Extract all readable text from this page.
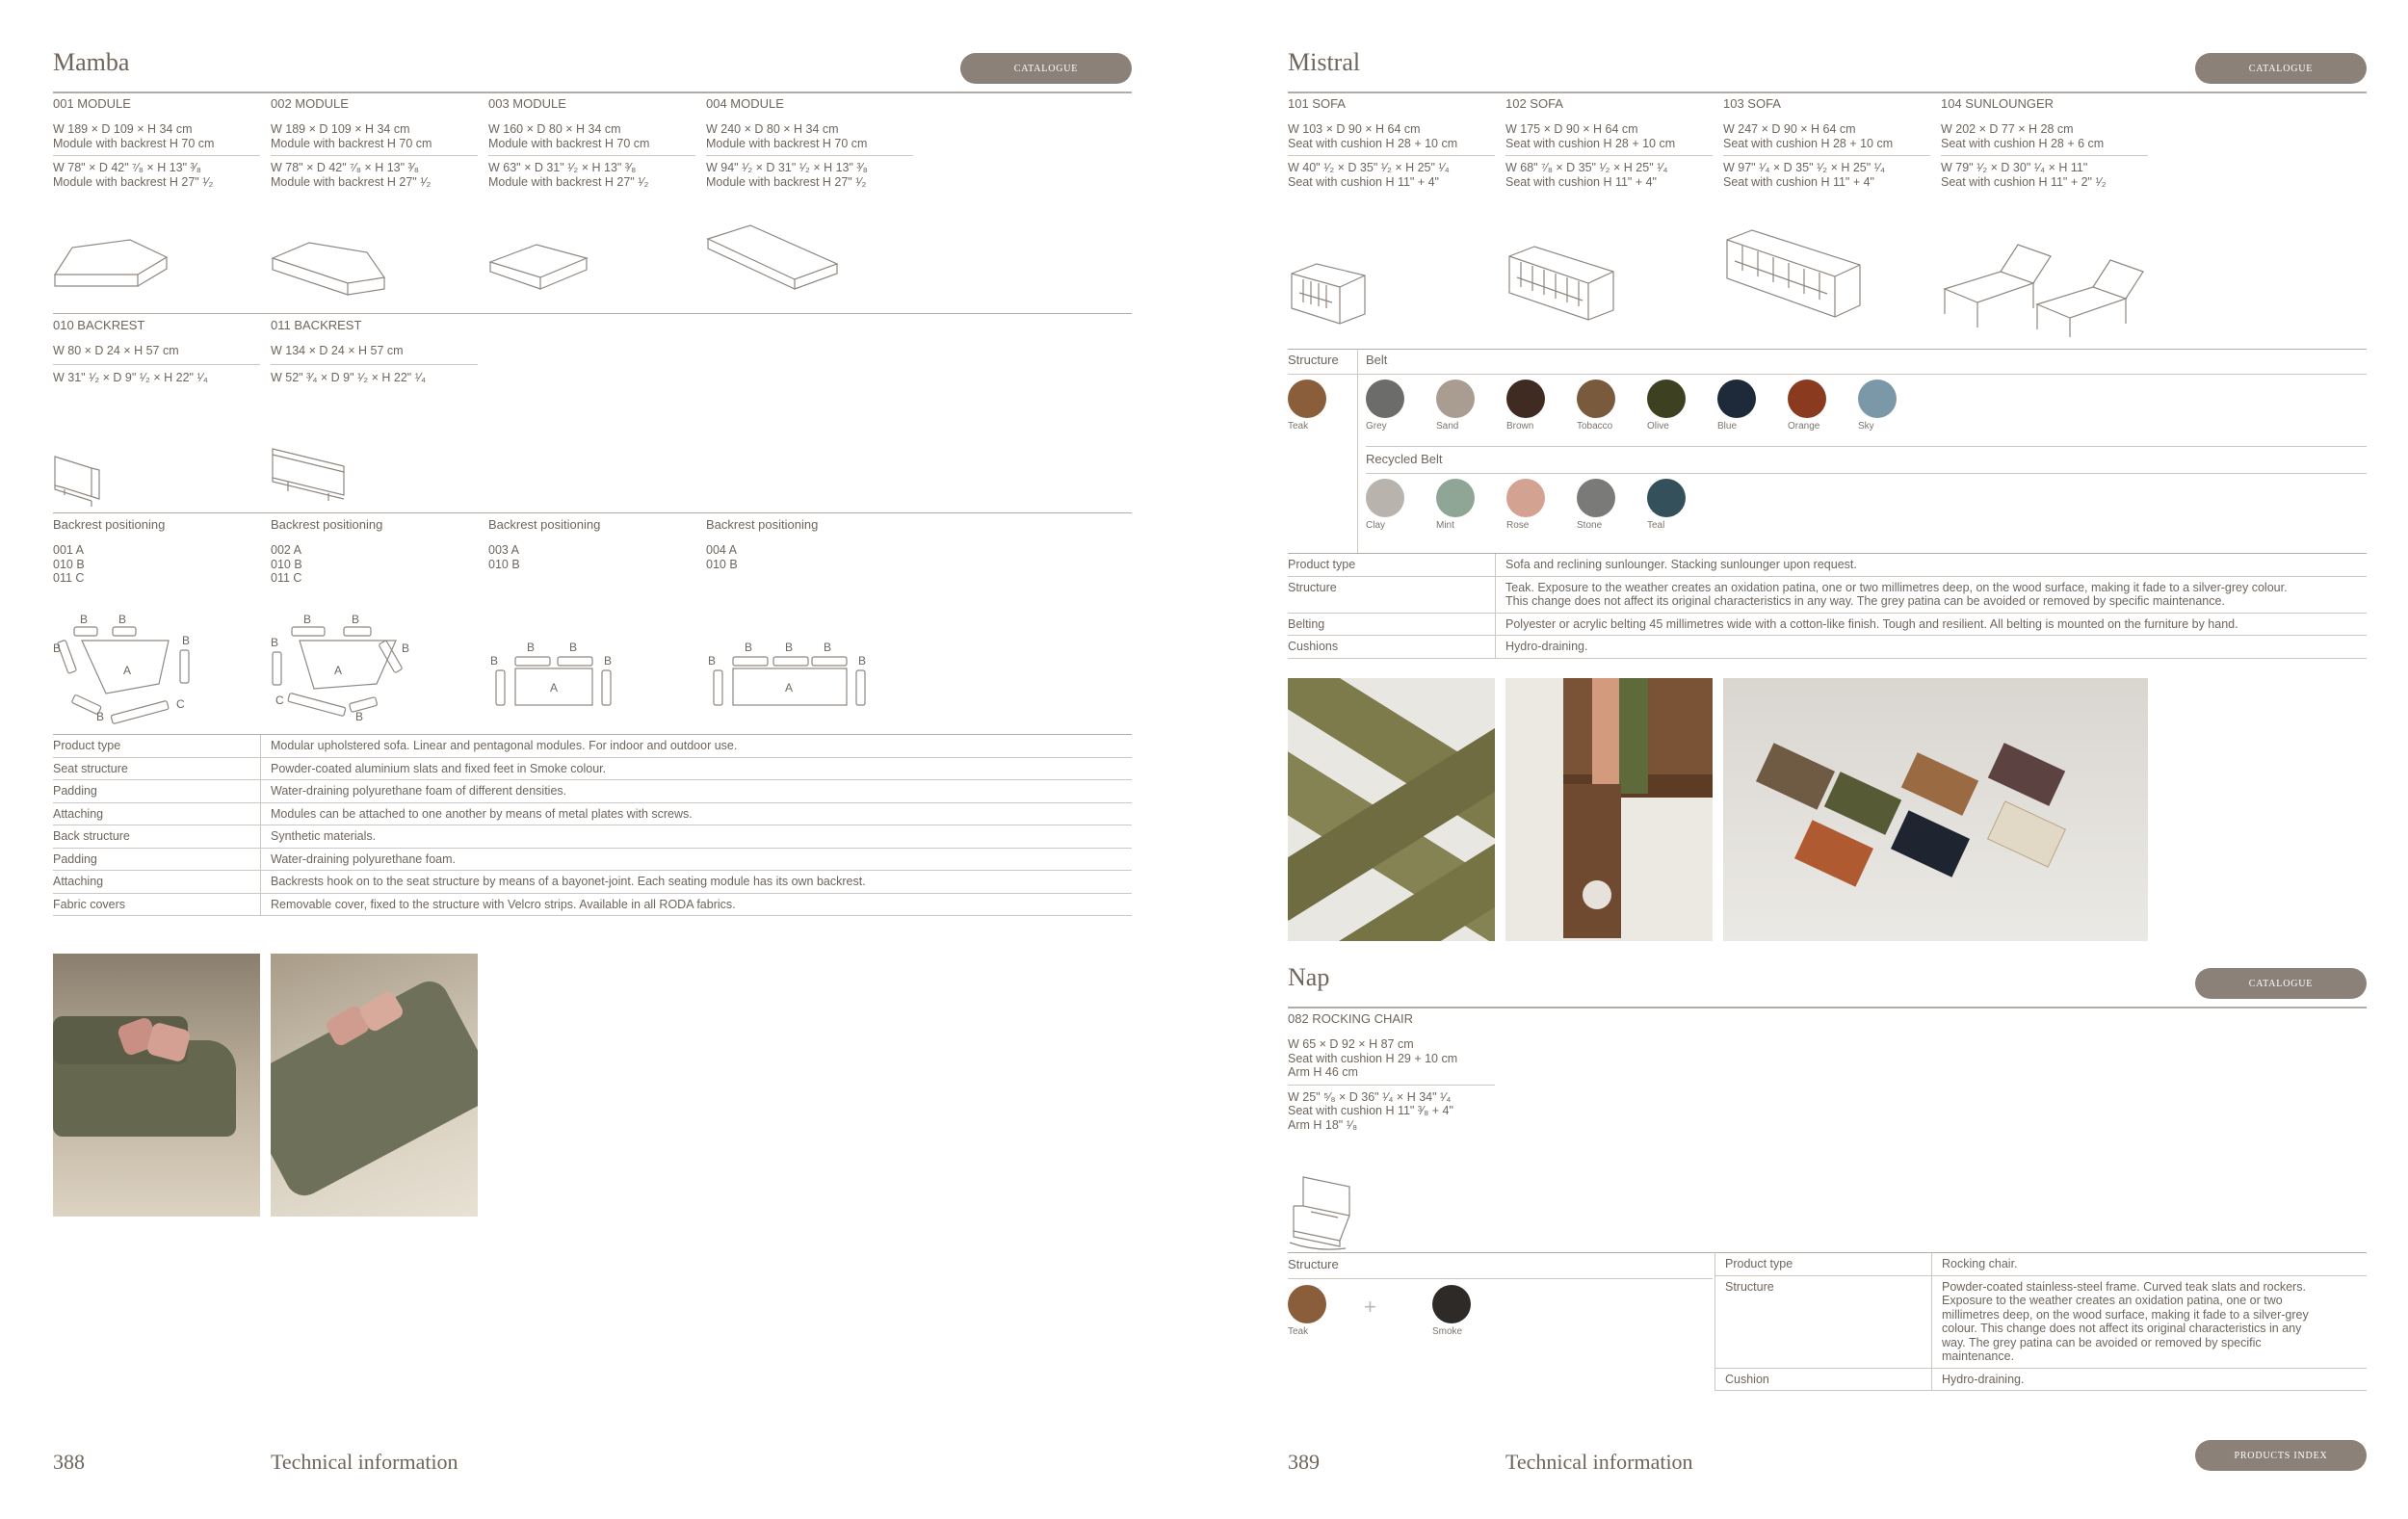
Mamba	CATALOGUE
001 MODULE
W 189 × D 109 × H 34 cm
Module with backrest H 70 cm
W 78" × D 42" ⁷⁄₈ × H 13" ³⁄₈
Module with backrest H 27" ¹⁄₂
002 MODULE
W 189 × D 109 × H 34 cm
Module with backrest H 70 cm
W 78" × D 42" ⁷⁄₈ × H 13" ³⁄₈
Module with backrest H 27" ¹⁄₂
003 MODULE
W 160 × D 80 × H 34 cm
Module with backrest H 70 cm
W 63" × D 31" ¹⁄₂ × H 13" ³⁄₈
Module with backrest H 27" ¹⁄₂
004 MODULE
W 240 × D 80 × H 34 cm
Module with backrest H 70 cm
W 94" ¹⁄₂ × D 31" ¹⁄₂ × H 13" ³⁄₈
Module with backrest H 27" ¹⁄₂
010 BACKREST
W 80 × D 24 × H 57 cm
W 31" ¹⁄₂ × D 9" ¹⁄₂ × H 22" ¹⁄₄
011 BACKREST
W 134 × D 24 × H 57 cm
W 52" ³⁄₄ × D 9" ¹⁄₂ × H 22" ¹⁄₄
Backrest positioning
001 A
010 B
011 C
Backrest positioning
002 A
010 B
011 C
Backrest positioning
003 A
010 B
Backrest positioning
004 A
010 B
A
B	B
B
B
B
C
A
B	B
B	B
C
B
A
B	B
B	B
A
B	B	B
B	B
Product type	Modular upholstered sofa. Linear and pentagonal modules. For indoor and outdoor use.
Seat structure	Powder-coated aluminium slats and fixed feet in Smoke colour.
Padding	Water-draining polyurethane foam of different densities.
Attaching	Modules can be attached to one another by means of metal plates with screws.
Back structure	Synthetic materials.
Padding	Water-draining polyurethane foam.
Attaching	Backrests hook on to the seat structure by means of a bayonet-joint. Each seating module has its own backrest.
Fabric covers	Removable cover, fixed to the structure with Velcro strips. Available in all RODA fabrics.
388	Technical information
Mistral	CATALOGUE
101 SOFA
W 103 × D 90 × H 64 cm
Seat with cushion H 28 + 10 cm
W 40" ¹⁄₂ × D 35" ¹⁄₂ × H 25" ¹⁄₄
Seat with cushion H 11" + 4"
102 SOFA
W 175 × D 90 × H 64 cm
Seat with cushion H 28 + 10 cm
W 68" ⁷⁄₈ × D 35" ¹⁄₂ × H 25" ¹⁄₄
Seat with cushion H 11" + 4"
103 SOFA
W 247 × D 90 × H 64 cm
Seat with cushion H 28 + 10 cm
W 97" ¹⁄₄ × D 35" ¹⁄₂ × H 25" ¹⁄₄
Seat with cushion H 11" + 4"
104 SUNLOUNGER
W 202 × D 77 × H 28 cm
Seat with cushion H 28 + 6 cm
W 79" ¹⁄₂ × D 30" ¹⁄₄ × H 11"
Seat with cushion H 11" + 2" ¹⁄₂
Structure Belt
Teak
Recycled Belt
Product type	Sofa and reclining sunlounger. Stacking sunlounger upon request.
Structure	Teak. Exposure to the weather creates an oxidation patina, one or two millimetres deep, on the wood surface, making it fade to a silver-grey colour.
This change does not affect its original characteristics in any way. The grey patina can be avoided or removed by specific maintenance.
Belting	Polyester or acrylic belting 45 millimetres wide with a cotton-like finish. Tough and resilient. All belting is mounted on the furniture by hand.
Cushions	Hydro-draining.
Nap	CATALOGUE
082 ROCKING CHAIR
W 65 × D 92 × H 87 cm
Seat with cushion H 29 + 10 cm
Arm H 46 cm
W 25" ⁵⁄₈ × D 36" ¹⁄₄ × H 34" ¹⁄₄
Seat with cushion H 11" ³⁄₈ + 4"
Arm H 18" ¹⁄₈
Structure
Teak
+
Smoke
Product type	Rocking chair.
Structure	Powder-coated stainless-steel frame. Curved teak slats and rockers.
Exposure to the weather creates an oxidation patina, one or two
millimetres deep, on the wood surface, making it fade to a silver-grey
colour. This change does not affect its original characteristics in any
way. The grey patina can be avoided or removed by specific
maintenance.
Cushion	Hydro-draining.
389	Technical information	PRODUCTS INDEX
Grey	Sand	Brown	Tobacco	Olive	Blue	Orange	Sky
Clay	Mint	Rose	Stone	Teal
